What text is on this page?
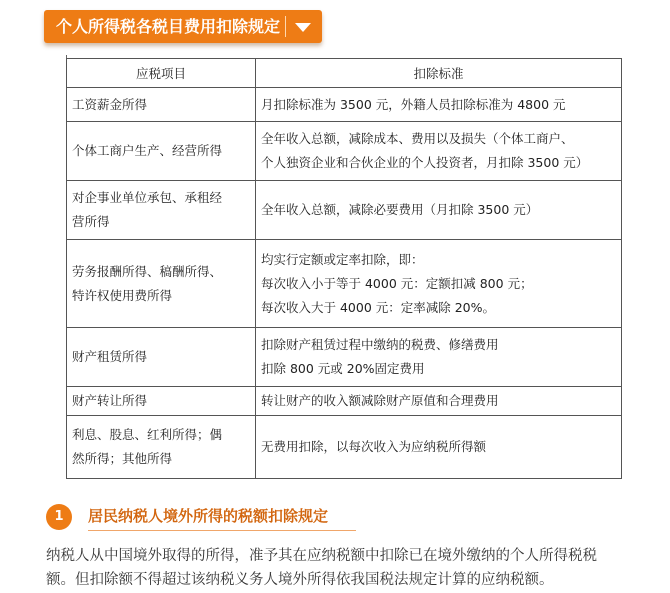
个人所得税各税目费用扣除规定
应税项目	扣除标准

工资薪金所得	月扣除标准为 3500 元，外籍人员扣除标准为 4800 元

个体工商户生产、经营所得	全年收入总额，减除成本、费用以及损失（个体工商户、
个人独资企业和合伙企业的个人投资者，月扣除 3500 元）

对企事业单位承包、承租经
营所得	全年收入总额，减除必要费用（月扣除 3500 元）

劳务报酬所得、稿酬所得、
特许权使用费所得	均实行定额或定率扣除，即：
每次收入小于等于 4000 元：定额扣减 800 元；
每次收入大于 4000 元：定率减除 20%。

财产租赁所得	扣除财产租赁过程中缴纳的税费、修缮费用
扣除 800 元或 20%固定费用

财产转让所得	转让财产的收入额减除财产原值和合理费用

利息、股息、红利所得；偶
然所得；其他所得	无费用扣除，以每次收入为应纳税所得额
1	居民纳税人境外所得的税额扣除规定
纳税人从中国境外取得的所得，准予其在应纳税额中扣除已在境外缴纳的个人所得税税
额。但扣除额不得超过该纳税义务人境外所得依我国税法规定计算的应纳税额。
